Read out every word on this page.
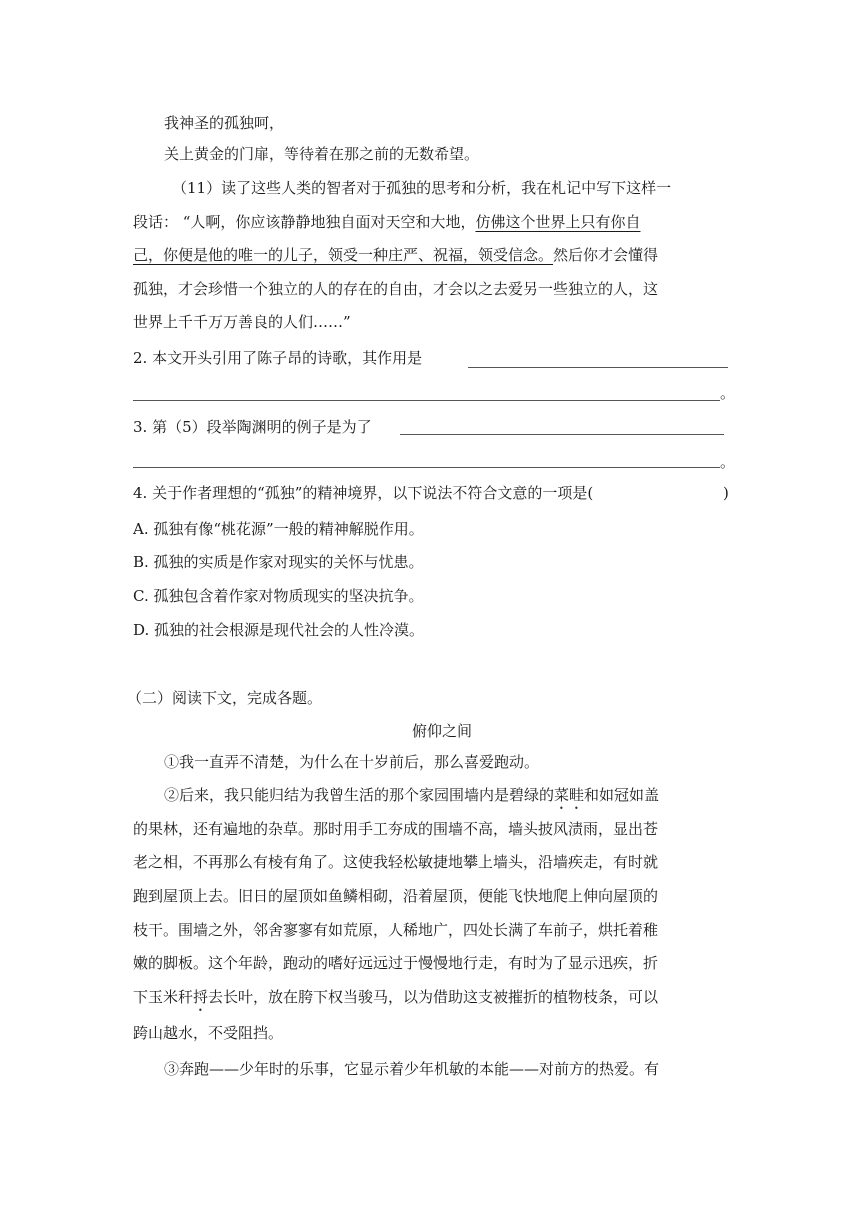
我神圣的孤独呵，
关上黄金的门扉，等待着在那之前的无数希望。
（11）读了这些人类的智者对于孤独的思考和分析，我在札记中写下这样一
段话： “人啊，你应该静静地独自面对天空和大地，仿佛这个世界上只有你自
己，你便是他的唯一的儿子，领受一种庄严、祝福，领受信念。然后你才会懂得
孤独，才会珍惜一个独立的人的存在的自由，才会以之去爱另一些独立的人，这
世界上千千万万善良的人们……”
2. 本文开头引用了陈子昂的诗歌，其作用是
。
3. 第（5）段举陶渊明的例子是为了
。
4. 关于作者理想的“孤独”的精神境界，以下说法不符合文意的一项是(	)
A. 孤独有像“桃花源”一般的精神解脱作用。
B. 孤独的实质是作家对现实的关怀与忧患。
C. 孤独包含着作家对物质现实的坚决抗争。
D. 孤独的社会根源是现代社会的人性冷漠。
（二）阅读下文，完成各题。
俯仰之间
①我一直弄不清楚，为什么在十岁前后，那么喜爱跑动。
②后来，我只能归结为我曾生活的那个家园围墙内是碧绿的菜畦和如冠如盖
的果林，还有遍地的杂草。那时用手工夯成的围墙不高，墙头披风渍雨，显出苍
老之相，不再那么有棱有角了。这使我轻松敏捷地攀上墙头，沿墙疾走，有时就
跑到屋顶上去。旧日的屋顶如鱼鳞相砌，沿着屋顶，便能飞快地爬上伸向屋顶的
枝干。围墙之外，邻舍寥寥有如荒原，人稀地广，四处长满了车前子，烘托着稚
嫩的脚板。这个年龄，跑动的嗜好远远过于慢慢地行走，有时为了显示迅疾，折
下玉米秆捋去长叶，放在胯下权当骏马，以为借助这支被摧折的植物枝条，可以
跨山越水，不受阻挡。
③奔跑——少年时的乐事，它显示着少年机敏的本能——对前方的热爱。有
